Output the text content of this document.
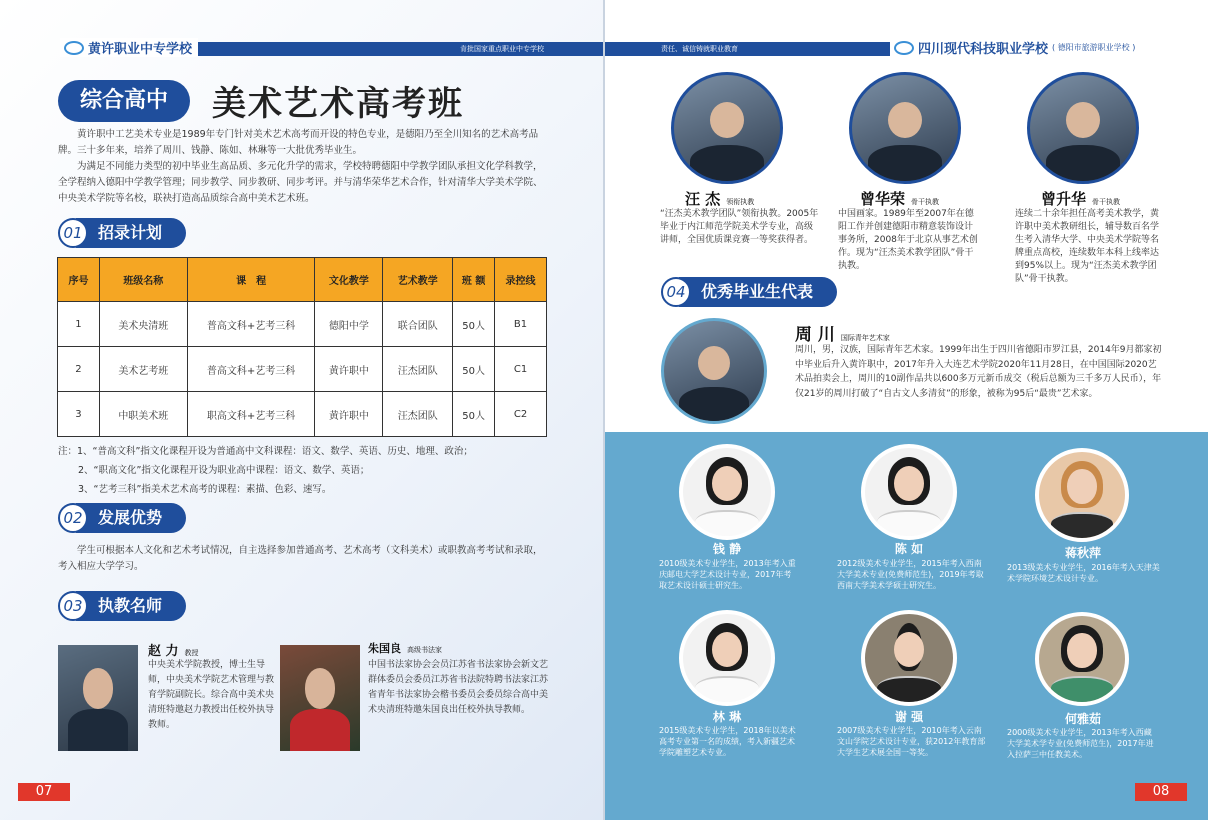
黄许职业中专学校	肯批国家重点职业中专学校
综合高中	美术艺术高考班

黄许职中工艺美术专业是1989年专门针对美术艺术高考而开设的特色专业，是德阳乃至全川知名的艺术高考品牌。三十多年来，培养了周川、钱静、陈如、林琳等一大批优秀毕业生。

为满足不同能力类型的初中毕业生高品质、多元化升学的需求，学校特聘德阳中学教学团队承担文化学科教学，全学程纳入德阳中学教学管理；同步教学、同步教研、同步考评。并与清华荣华艺术合作，针对清华大学美术学院、中央美术学院等名校，联袂打造高品质综合高中美术艺术班。

01 招录计划
序号	班级名称	课　程	文化教学	艺术教学	班 额	录控线
1	美术央清班	普高文科+艺考三科	德阳中学	联合团队	50人	B1
2	美术艺考班	普高文科+艺考三科	黄许职中	汪杰团队	50人	C1
3	中职美术班	职高文科+艺考三科	黄许职中	汪杰团队	50人	C2
注：1、“普高文科”指文化课程开设为普通高中文科课程：语文、数学、英语、历史、地理、政治；
2、“职高文化”指文化课程开设为职业高中课程：语文、数学、英语；
3、“艺考三科”指美术艺术高考的课程：素描、色彩、速写。
02 发展优势

学生可根据本人文化和艺术考试情况，自主选择参加普通高考、艺术高考（文科美术）或职教高考考试和录取，考入相应大学学习。

03 执教名师
赵 力 教授

中央美术学院教授，博士生导师，中央美术学院艺术管理与教育学院副院长。综合高中美术央清班特邀赵力教授出任校外执导教师。

朱国良 高级书法家

中国书法家协会会员江苏省书法家协会新文艺群体委员会委员江苏省书法院特聘书法家江苏省青年书法家协会楷书委员会委员综合高中美术央清班特邀朱国良出任校外执导教师。

07
责任、诚信铸就职业教育	四川现代科技职业学校 ( 德阳市旅游职业学校 )
汪 杰 领衔执教

“汪杰美术教学团队”领衔执教。2005年毕业于内江师范学院美术学专业，高级讲师，全国优质课竞赛一等奖获得者。

曾华荣 骨干执教

中国画家。1989年至2007年在德阳工作并创建德阳市精意装饰设计事务所，2008年于北京从事艺术创作。现为“汪杰美术教学团队”骨干执教。

曾升华 骨干执教

连续二十余年担任高考美术教学，黄许职中美术教研组长，辅导数百名学生考入清华大学、中央美术学院等名牌重点高校，连续数年本科上线率达到95%以上。现为“汪杰美术教学团队”骨干执教。

04 优秀毕业生代表
周 川 国际青年艺术家

周川，男，汉族，国际青年艺术家。1999年出生于四川省德阳市罗江县，2014年9月都家初中毕业后升入黄许职中，2017年升入大连艺术学院2020年11月28日，在中国国际2020艺术品拍卖会上，周川的10副作品共以600多万元新币成交（税后总额为三千多万人民币），年仅21岁的周川打破了“自古文人多清贫”的形象，被称为95后“最贵”艺术家。

钱 静

2010级美术专业学生，2013年考入重庆邮电大学艺术设计专业，2017年考取艺术设计硕士研究生。

陈 如

2012级美术专业学生，2015年考入西南大学美术专业(免费师范生)，2019年考取西南大学美术学硕士研究生。

蒋秋萍

2013级美术专业学生，2016年考入天津美术学院环境艺术设计专业。

林 琳

2015级美术专业学生，2018年以美术高考专业第一名的成绩，考入新疆艺术学院雕塑艺术专业。

谢 强

2007级美术专业学生，2010年考入云南文山学院艺术设计专业，获2012年教育部大学生艺术展全国一等奖。

何雅茹

2000级美术专业学生，2013年考入西藏大学美术学专业(免费师范生)，2017年进入拉萨三中任教美术。

08
